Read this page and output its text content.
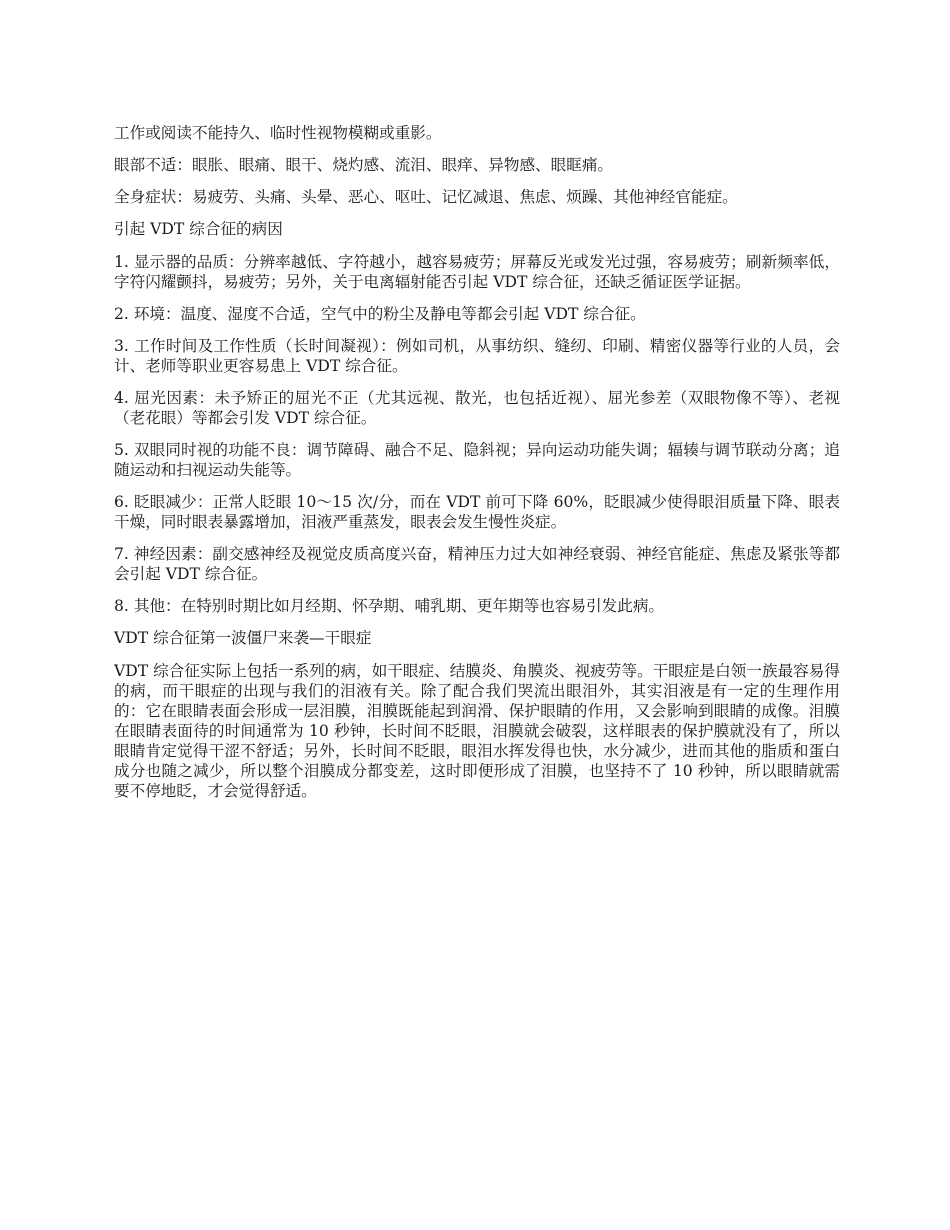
工作或阅读不能持久、临时性视物模糊或重影。

眼部不适：眼胀、眼痛、眼干、烧灼感、流泪、眼痒、异物感、眼眶痛。

全身症状：易疲劳、头痛、头晕、恶心、呕吐、记忆减退、焦虑、烦躁、其他神经官能症。

引起 VDT 综合征的病因

1. 显示器的品质：分辨率越低、字符越小，越容易疲劳；屏幕反光或发光过强，容易疲劳；刷新频率低，字符闪耀颤抖，易疲劳；另外，关于电离辐射能否引起 VDT 综合征，还缺乏循证医学证据。

2. 环境：温度、湿度不合适，空气中的粉尘及静电等都会引起 VDT 综合征。

3. 工作时间及工作性质（长时间凝视）：例如司机，从事纺织、缝纫、印刷、精密仪器等行业的人员，会计、老师等职业更容易患上 VDT 综合征。

4. 屈光因素：未予矫正的屈光不正（尤其远视、散光，也包括近视）、屈光参差（双眼物像不等）、老视（老花眼）等都会引发 VDT 综合征。

5. 双眼同时视的功能不良：调节障碍、融合不足、隐斜视；异向运动功能失调；辐辏与调节联动分离；追随运动和扫视运动失能等。

6. 眨眼减少：正常人眨眼 10～15 次/分，而在 VDT 前可下降 60%，眨眼减少使得眼泪质量下降、眼表干燥，同时眼表暴露增加，泪液严重蒸发，眼表会发生慢性炎症。

7. 神经因素：副交感神经及视觉皮质高度兴奋，精神压力过大如神经衰弱、神经官能症、焦虑及紧张等都会引起 VDT 综合征。

8. 其他：在特别时期比如月经期、怀孕期、哺乳期、更年期等也容易引发此病。

VDT 综合征第一波僵尸来袭—干眼症

VDT 综合征实际上包括一系列的病，如干眼症、结膜炎、角膜炎、视疲劳等。干眼症是白领一族最容易得的病，而干眼症的出现与我们的泪液有关。除了配合我们哭流出眼泪外，其实泪液是有一定的生理作用的：它在眼睛表面会形成一层泪膜，泪膜既能起到润滑、保护眼睛的作用，又会影响到眼睛的成像。泪膜在眼睛表面待的时间通常为 10 秒钟，长时间不眨眼，泪膜就会破裂，这样眼表的保护膜就没有了，所以眼睛肯定觉得干涩不舒适；另外，长时间不眨眼，眼泪水挥发得也快，水分减少，进而其他的脂质和蛋白成分也随之减少，所以整个泪膜成分都变差，这时即便形成了泪膜，也坚持不了 10 秒钟，所以眼睛就需要不停地眨，才会觉得舒适。
